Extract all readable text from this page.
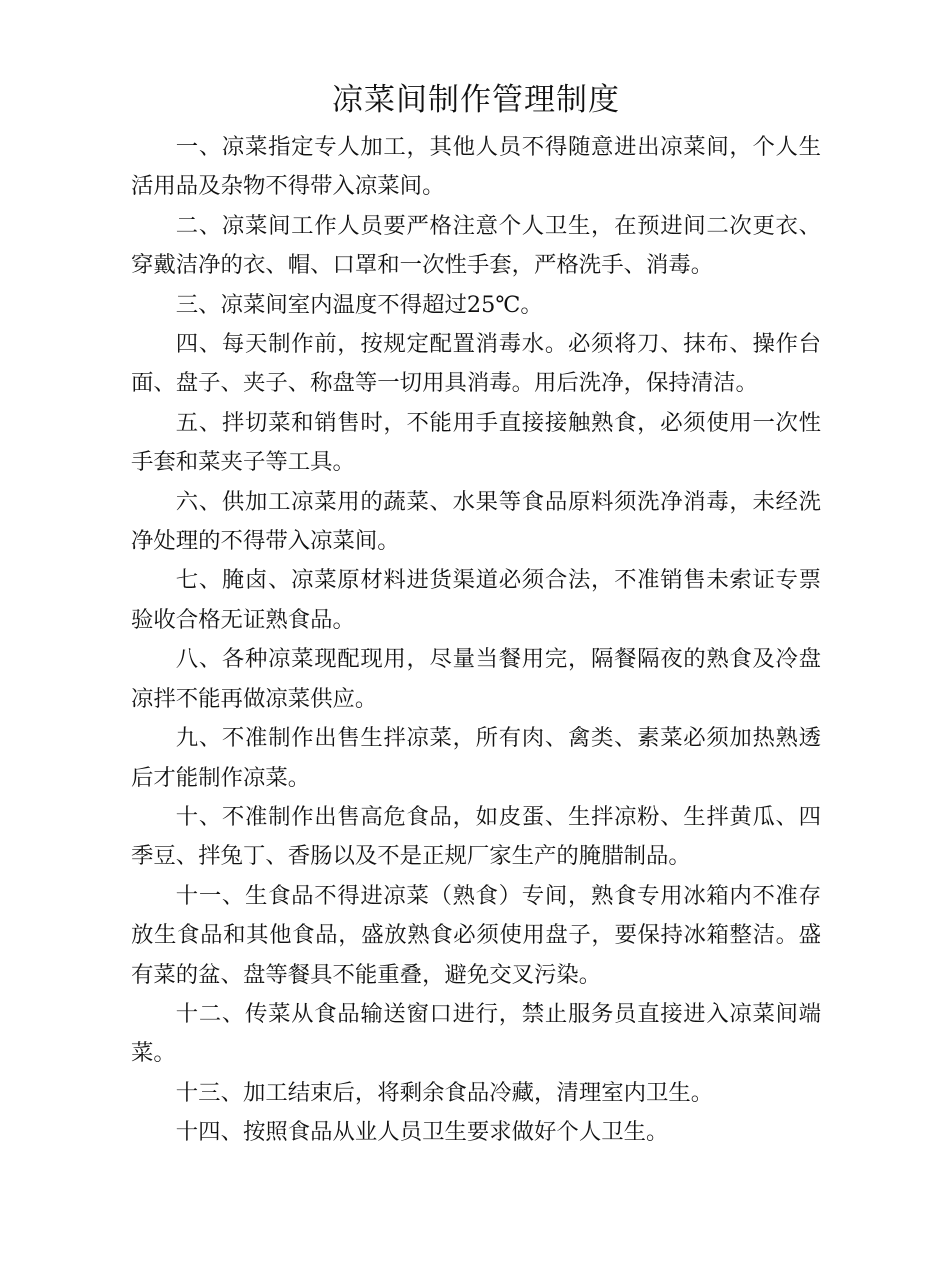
凉菜间制作管理制度

一、凉菜指定专人加工，其他人员不得随意进出凉菜间，个人生活用品及杂物不得带入凉菜间。

二、凉菜间工作人员要严格注意个人卫生，在预进间二次更衣、穿戴洁净的衣、帽、口罩和一次性手套，严格洗手、消毒。

三、凉菜间室内温度不得超过25℃。

四、每天制作前，按规定配置消毒水。必须将刀、抹布、操作台面、盘子、夹子、称盘等一切用具消毒。用后洗净，保持清洁。

五、拌切菜和销售时，不能用手直接接触熟食，必须使用一次性手套和菜夹子等工具。

六、供加工凉菜用的蔬菜、水果等食品原料须洗净消毒，未经洗净处理的不得带入凉菜间。

七、腌卤、凉菜原材料进货渠道必须合法，不准销售未索证专票验收合格无证熟食品。

八、各种凉菜现配现用，尽量当餐用完，隔餐隔夜的熟食及冷盘凉拌不能再做凉菜供应。

九、不准制作出售生拌凉菜，所有肉、禽类、素菜必须加热熟透后才能制作凉菜。

十、不准制作出售高危食品，如皮蛋、生拌凉粉、生拌黄瓜、四季豆、拌兔丁、香肠以及不是正规厂家生产的腌腊制品。

十一、生食品不得进凉菜（熟食）专间，熟食专用冰箱内不准存放生食品和其他食品，盛放熟食必须使用盘子，要保持冰箱整洁。盛有菜的盆、盘等餐具不能重叠，避免交叉污染。

十二、传菜从食品输送窗口进行，禁止服务员直接进入凉菜间端菜。

十三、加工结束后，将剩余食品冷藏，清理室内卫生。

十四、按照食品从业人员卫生要求做好个人卫生。
